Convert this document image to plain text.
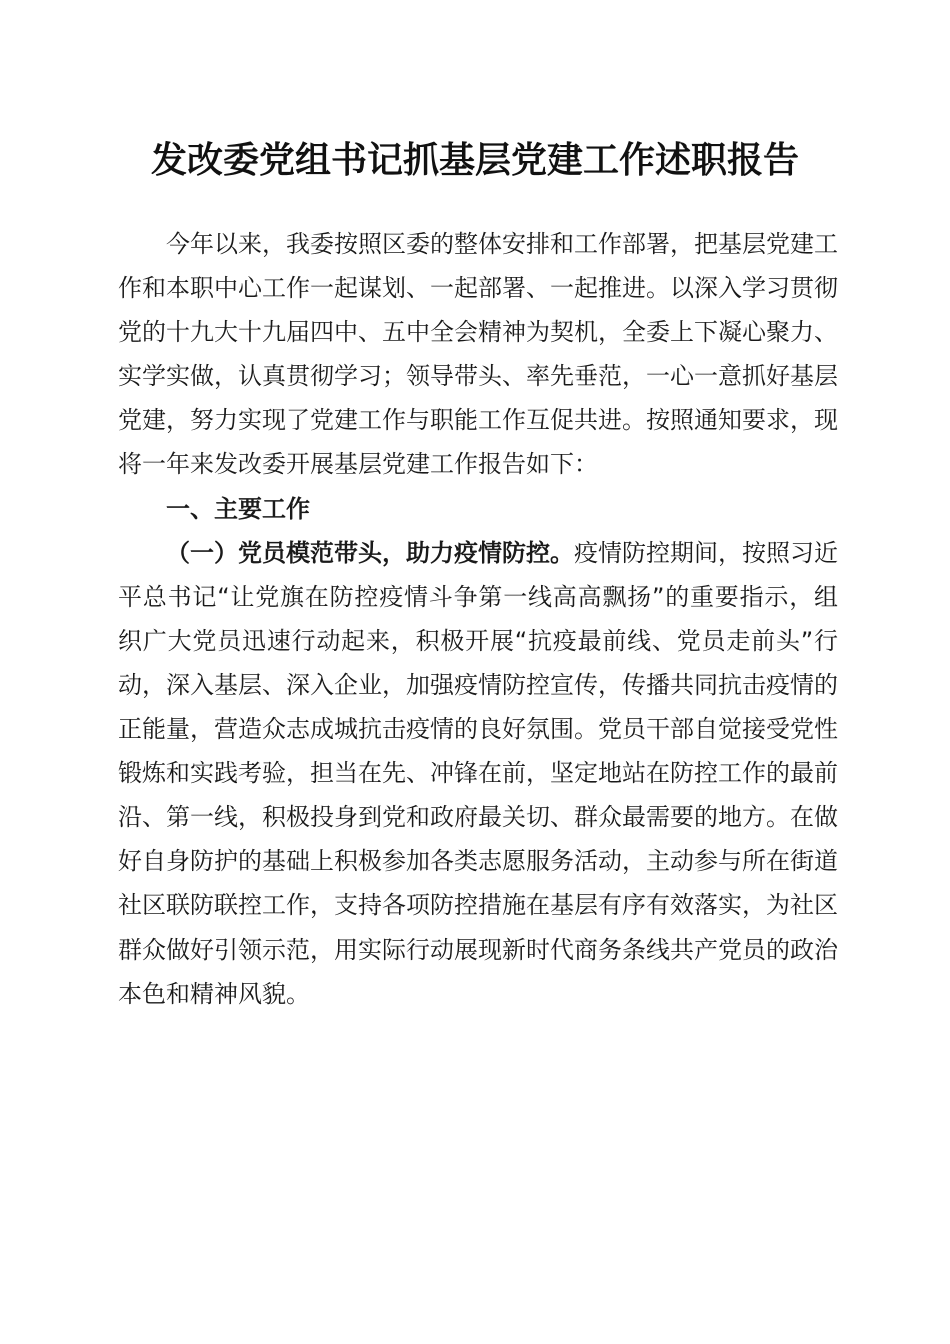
发改委党组书记抓基层党建工作述职报告

今年以来，我委按照区委的整体安排和工作部署，把基层党建工作和本职中心工作一起谋划、一起部署、一起推进。以深入学习贯彻党的十九大十九届四中、五中全会精神为契机，全委上下凝心聚力、实学实做，认真贯彻学习；领导带头、率先垂范，一心一意抓好基层党建，努力实现了党建工作与职能工作互促共进。按照通知要求，现将一年来发改委开展基层党建工作报告如下：

一、主要工作

（一）党员模范带头，助力疫情防控。疫情防控期间，按照习近平总书记“让党旗在防控疫情斗争第一线高高飘扬”的重要指示，组织广大党员迅速行动起来，积极开展“抗疫最前线、党员走前头”行动，深入基层、深入企业，加强疫情防控宣传，传播共同抗击疫情的正能量，营造众志成城抗击疫情的良好氛围。党员干部自觉接受党性锻炼和实践考验，担当在先、冲锋在前，坚定地站在防控工作的最前沿、第一线，积极投身到党和政府最关切、群众最需要的地方。在做好自身防护的基础上积极参加各类志愿服务活动，主动参与所在街道社区联防联控工作，支持各项防控措施在基层有序有效落实，为社区群众做好引领示范，用实际行动展现新时代商务条线共产党员的政治本色和精神风貌。
